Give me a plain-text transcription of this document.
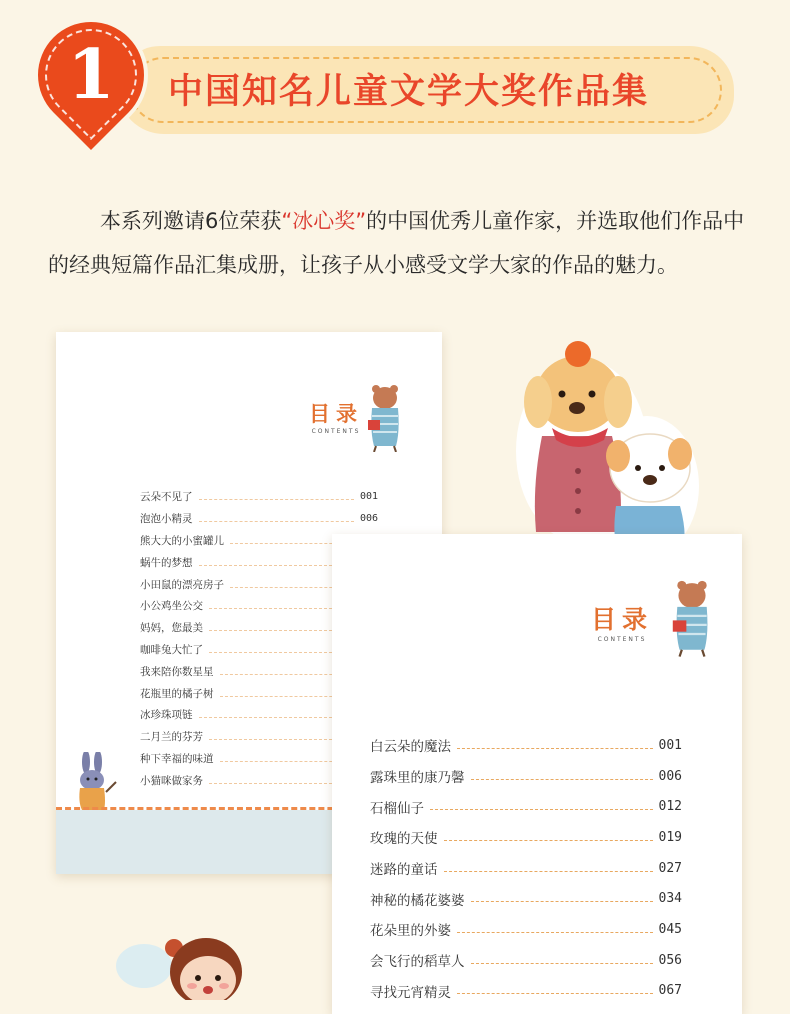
1	中国知名儿童文学大奖作品集

本系列邀请6位荣获“冰心奖”的中国优秀儿童作家，并选取他们作品中的经典短篇作品汇集成册，让孩子从小感受文学大家的作品的魅力。

目录
CONTENTS
云朵不见了	001
泡泡小精灵	006
熊大大的小蜜罐儿
蜗牛的梦想
小田鼠的漂亮房子
小公鸡坐公交
妈妈，您最美
咖啡兔大忙了
我来陪你数星星
花瓶里的橘子树
冰珍珠项链
二月兰的芬芳
种下幸福的味道
小猫咪做家务
目录
CONTENTS
白云朵的魔法	001
露珠里的康乃馨	006
石榴仙子	012
玫瑰的天使	019
迷路的童话	027
神秘的橘花婆婆	034
花朵里的外婆	045
会飞行的稻草人	056
寻找元宵精灵	067
